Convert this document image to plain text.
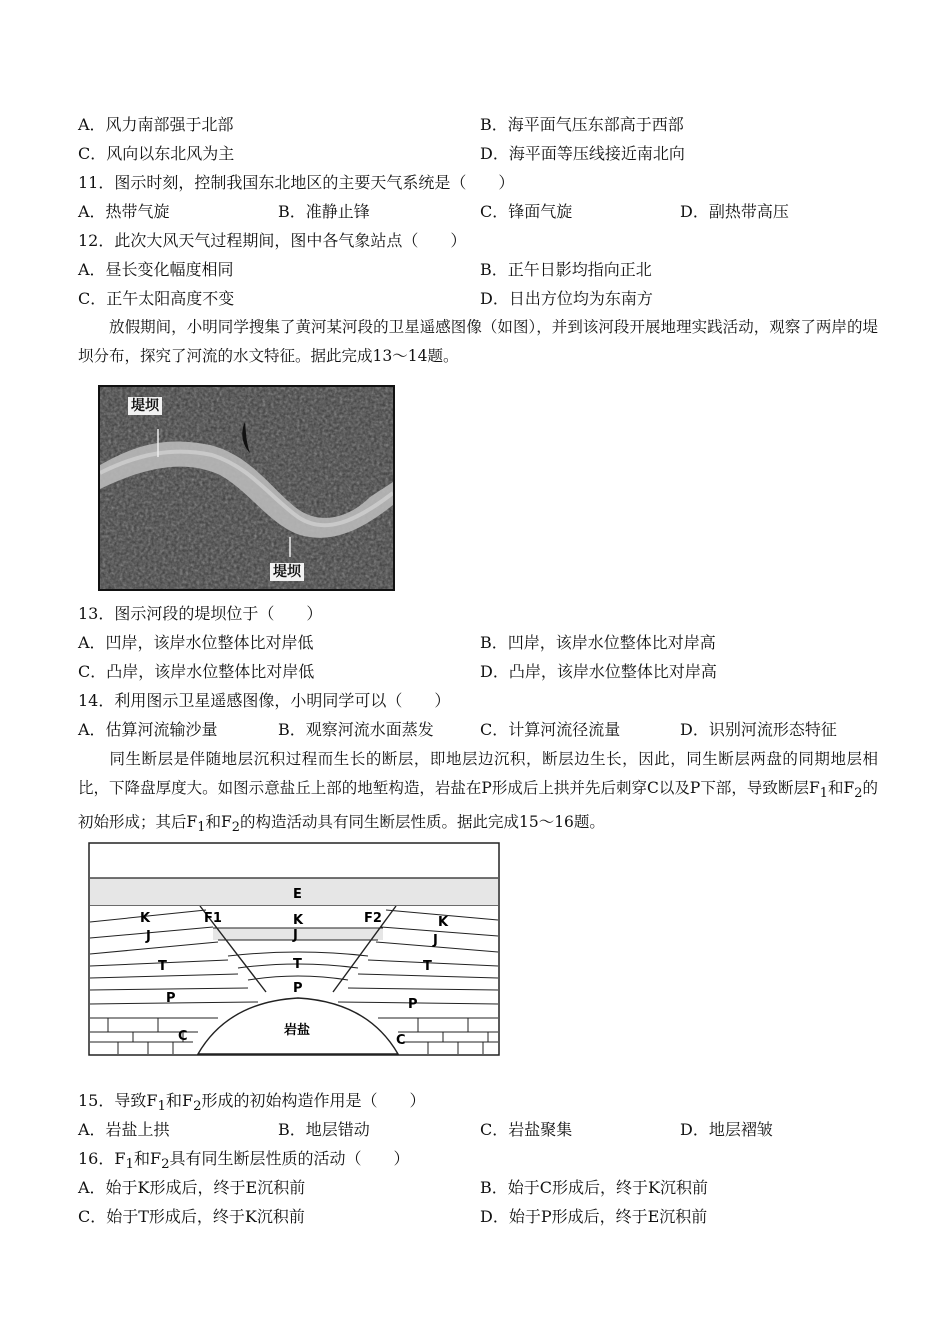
A．风力南部强于北部	B．海平面气压东部高于西部
C．风向以东北风为主	D．海平面等压线接近南北向
11．图示时刻，控制我国东北地区的主要天气系统是（　　）
A．热带气旋	B．准静止锋	C．锋面气旋	D．副热带高压
12．此次大风天气过程期间，图中各气象站点（　　）
A．昼长变化幅度相同	B．正午日影均指向正北
C．正午太阳高度不变	D．日出方位均为东南方
放假期间，小明同学搜集了黄河某河段的卫星遥感图像（如图），并到该河段开展地理实践活动，观察了两岸的堤坝分布，探究了河流的水文特征。据此完成13～14题。
堤坝
堤坝
13．图示河段的堤坝位于（　　）
A．凹岸，该岸水位整体比对岸低	B．凹岸，该岸水位整体比对岸高
C．凸岸，该岸水位整体比对岸低	D．凸岸，该岸水位整体比对岸高
14．利用图示卫星遥感图像，小明同学可以（　　）
A．估算河流输沙量	B．观察河流水面蒸发	C．计算河流径流量	D．识别河流形态特征
同生断层是伴随地层沉积过程而生长的断层，即地层边沉积，断层边生长，因此，同生断层两盘的同期地层相比，下降盘厚度大。如图示意盐丘上部的地堑构造，岩盐在P形成后上拱并先后刺穿C以及P下部，导致断层$F_1$和$F_2$的初始形成；其后$F_1$和$F_2$的构造活动具有同生断层性质。据此完成15～16题。
E
K	K	K
J	J	J
T	T	T
P
P
P
C	C
F1	F2
岩盐
15．导致$F_1$和$F_2$形成的初始构造作用是（　　）
A．岩盐上拱	B．地层错动	C．岩盐聚集	D．地层褶皱
16．$F_1$和$F_2$具有同生断层性质的活动（　　）
A．始于K形成后，终于E沉积前	B．始于C形成后，终于K沉积前
C．始于T形成后，终于K沉积前	D．始于P形成后，终于E沉积前
